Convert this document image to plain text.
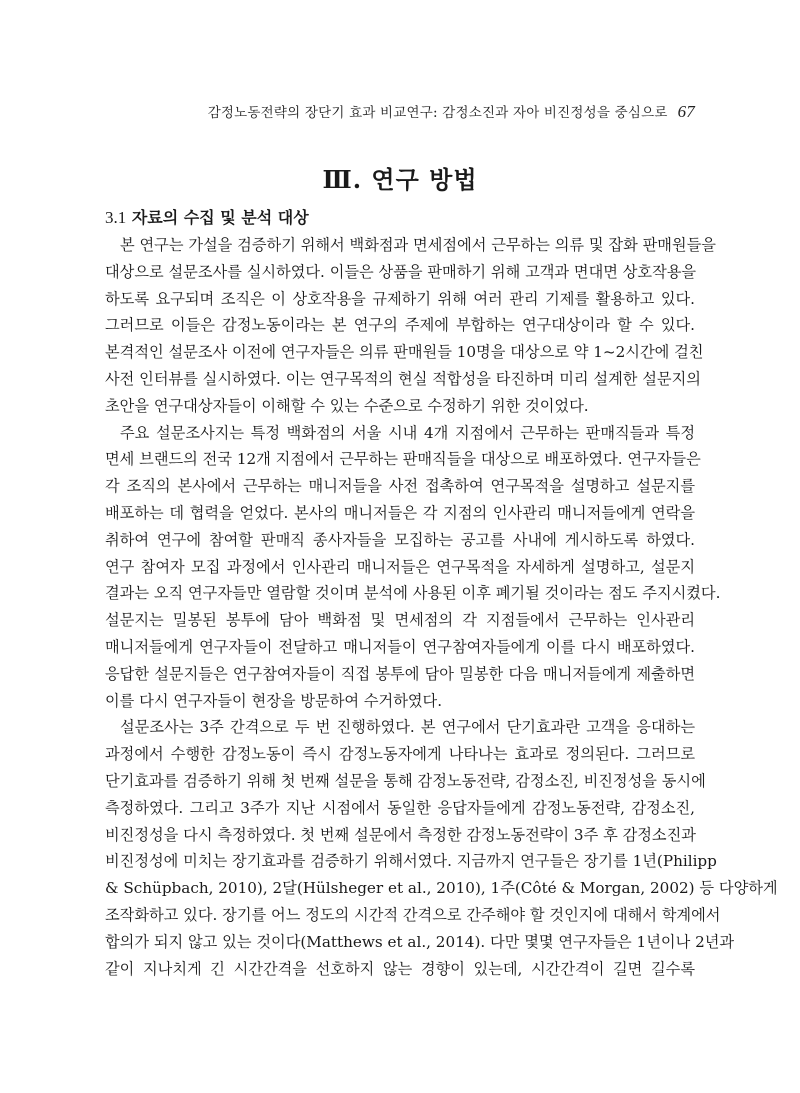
감정노동전략의 장단기 효과 비교연구: 감정소진과 자아 비진정성을 중심으로 67
Ⅲ. 연구 방법
3.1 자료의 수집 및 분석 대상
본 연구는 가설을 검증하기 위해서 백화점과 면세점에서 근무하는 의류 및 잡화 판매원들을
대상으로 설문조사를 실시하였다. 이들은 상품을 판매하기 위해 고객과 면대면 상호작용을
하도록 요구되며 조직은 이 상호작용을 규제하기 위해 여러 관리 기제를 활용하고 있다.
그러므로 이들은 감정노동이라는 본 연구의 주제에 부합하는 연구대상이라 할 수 있다.
본격적인 설문조사 이전에 연구자들은 의류 판매원들 10명을 대상으로 약 1~2시간에 걸친
사전 인터뷰를 실시하였다. 이는 연구목적의 현실 적합성을 타진하며 미리 설계한 설문지의
초안을 연구대상자들이 이해할 수 있는 수준으로 수정하기 위한 것이었다.
주요 설문조사지는 특정 백화점의 서울 시내 4개 지점에서 근무하는 판매직들과 특정
면세 브랜드의 전국 12개 지점에서 근무하는 판매직들을 대상으로 배포하였다. 연구자들은
각 조직의 본사에서 근무하는 매니저들을 사전 접촉하여 연구목적을 설명하고 설문지를
배포하는 데 협력을 얻었다. 본사의 매니저들은 각 지점의 인사관리 매니저들에게 연락을
취하여 연구에 참여할 판매직 종사자들을 모집하는 공고를 사내에 게시하도록 하였다.
연구 참여자 모집 과정에서 인사관리 매니저들은 연구목적을 자세하게 설명하고, 설문지
결과는 오직 연구자들만 열람할 것이며 분석에 사용된 이후 폐기될 것이라는 점도 주지시켰다.
설문지는 밀봉된 봉투에 담아 백화점 및 면세점의 각 지점들에서 근무하는 인사관리
매니저들에게 연구자들이 전달하고 매니저들이 연구참여자들에게 이를 다시 배포하였다.
응답한 설문지들은 연구참여자들이 직접 봉투에 담아 밀봉한 다음 매니저들에게 제출하면
이를 다시 연구자들이 현장을 방문하여 수거하였다.
설문조사는 3주 간격으로 두 번 진행하였다. 본 연구에서 단기효과란 고객을 응대하는
과정에서 수행한 감정노동이 즉시 감정노동자에게 나타나는 효과로 정의된다. 그러므로
단기효과를 검증하기 위해 첫 번째 설문을 통해 감정노동전략, 감정소진, 비진정성을 동시에
측정하였다. 그리고 3주가 지난 시점에서 동일한 응답자들에게 감정노동전략, 감정소진,
비진정성을 다시 측정하였다. 첫 번째 설문에서 측정한 감정노동전략이 3주 후 감정소진과
비진정성에 미치는 장기효과를 검증하기 위해서였다. 지금까지 연구들은 장기를 1년(Philipp
& Schüpbach, 2010), 2달(Hülsheger et al., 2010), 1주(Côté & Morgan, 2002) 등 다양하게
조작화하고 있다. 장기를 어느 정도의 시간적 간격으로 간주해야 할 것인지에 대해서 학계에서
합의가 되지 않고 있는 것이다(Matthews et al., 2014). 다만 몇몇 연구자들은 1년이나 2년과
같이 지나치게 긴 시간간격을 선호하지 않는 경향이 있는데, 시간간격이 길면 길수록
